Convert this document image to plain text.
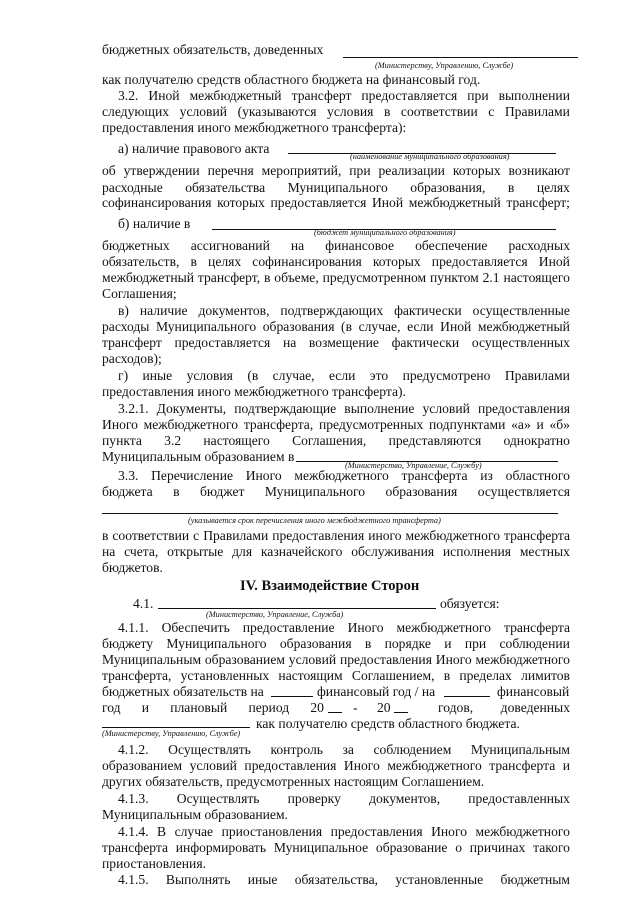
бюджетных обязательств, доведенных
(Министерству, Управлению, Службе)
как получателю средств областного бюджета на финансовый год.
3.2. Иной межбюджетный трансферт предоставляется при выполнении
следующих условий (указываются условия в соответствии с Правилами
предоставления иного межбюджетного трансферта):
а) наличие правового акта
(наименование муниципального образования)
об утверждении перечня мероприятий, при реализации которых возникают
расходные обязательства Муниципального образования, в целях
софинансирования которых предоставляется Иной межбюджетный трансферт;
б) наличие в
(бюджет муниципального образования)
бюджетных ассигнований на финансовое обеспечение расходных
обязательств, в целях софинансирования которых предоставляется Иной
межбюджетный трансферт, в объеме, предусмотренном пунктом 2.1 настоящего
Соглашения;
в) наличие документов, подтверждающих фактически осуществленные
расходы Муниципального образования (в случае, если Иной межбюджетный
трансферт предоставляется на возмещение фактически осуществленных
расходов);
г) иные условия (в случае, если это предусмотрено Правилами
предоставления иного межбюджетного трансферта).
3.2.1. Документы, подтверждающие выполнение условий предоставления
Иного межбюджетного трансферта, предусмотренных подпунктами «а» и «б»
пункта 3.2 настоящего Соглашения, представляются однократно
Муниципальным образованием в
(Министерство, Управление, Службу)
3.3. Перечисление Иного межбюджетного трансферта из областного
бюджета в бюджет Муниципального образования осуществляется
(указывается срок перечисления иного межбюджетного трансферта)
в соответствии с Правилами предоставления иного межбюджетного трансферта
на счета, открытые для казначейского обслуживания исполнения местных
бюджетов.
IV. Взаимодействие Сторон
4.1.	обязуется:
(Министерство, Управление, Служба)
4.1.1. Обеспечить предоставление Иного межбюджетного трансферта
бюджету Муниципального образования в порядке и при соблюдении
Муниципальным образованием условий предоставления Иного межбюджетного
трансферта, установленных настоящим Соглашением, в пределах лимитов
бюджетных обязательств на	финансовый год / на	финансовый
год и плановый период 20 - 20	годов, доведенных
как получателю средств областного бюджета.
(Министерству, Управлению, Службе)
4.1.2. Осуществлять контроль за соблюдением Муниципальным
образованием условий предоставления Иного межбюджетного трансферта и
других обязательств, предусмотренных настоящим Соглашением.
4.1.3. Осуществлять проверку документов, предоставленных
Муниципальным образованием.
4.1.4. В случае приостановления предоставления Иного межбюджетного
трансферта информировать Муниципальное образование о причинах такого
приостановления.
4.1.5. Выполнять иные обязательства, установленные бюджетным
